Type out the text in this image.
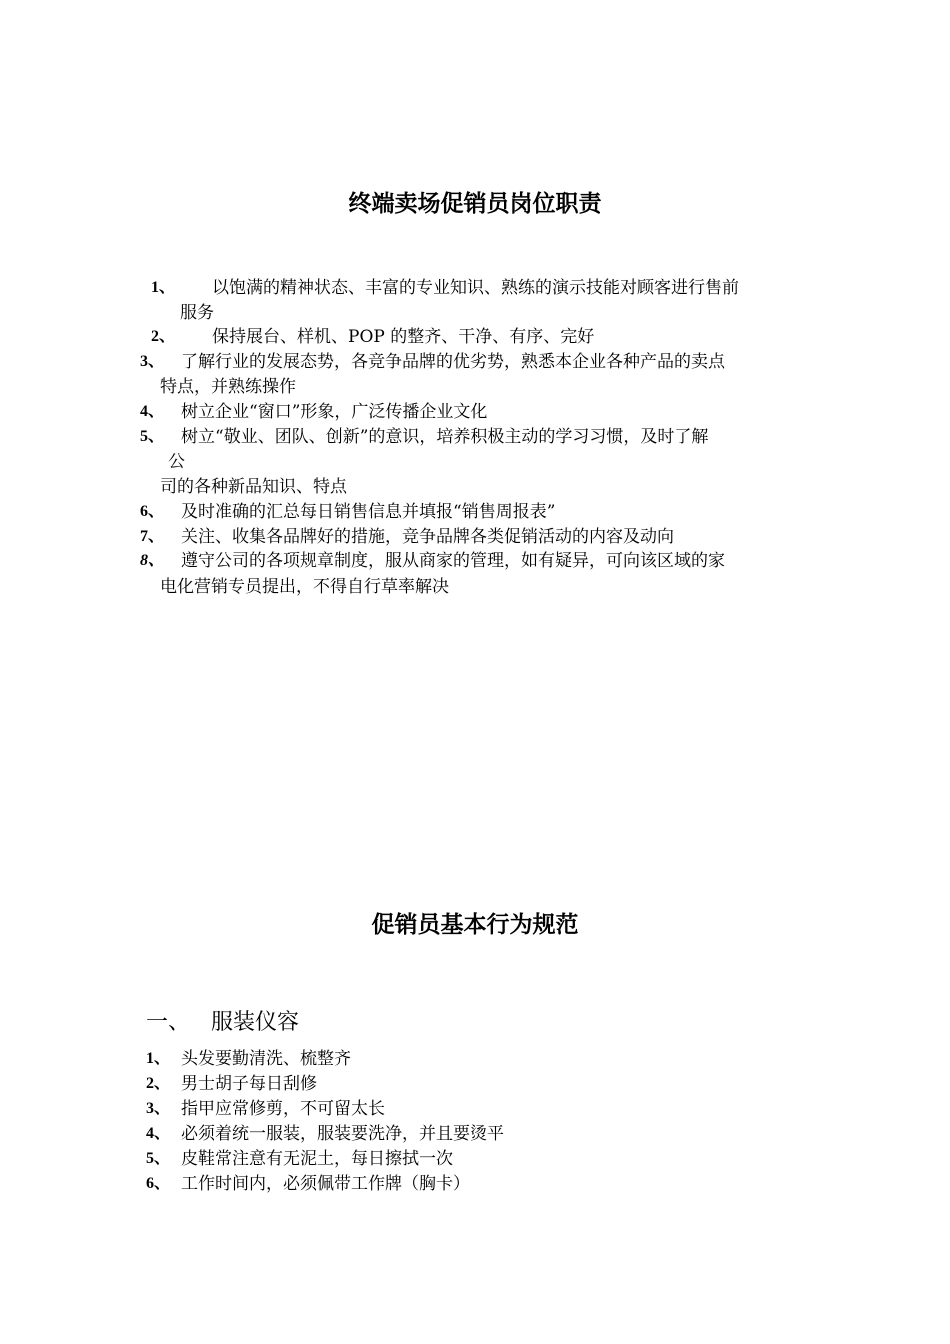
终端卖场促销员岗位职责
1、 以饱满的精神状态、丰富的专业知识、熟练的演示技能对顾客进行售前
服务
2、 保持展台、样机、POP 的整齐、干净、有序、完好
3、 了解行业的发展态势，各竞争品牌的优劣势，熟悉本企业各种产品的卖点
特点，并熟练操作
4、 树立企业“窗口”形象，广泛传播企业文化
5、 树立“敬业、团队、创新”的意识，培养积极主动的学习习惯，及时了解
公
司的各种新品知识、特点
6、 及时准确的汇总每日销售信息并填报“销售周报表”
7、 关注、收集各品牌好的措施，竞争品牌各类促销活动的内容及动向
8、 遵守公司的各项规章制度，服从商家的管理，如有疑异，可向该区域的家
电化营销专员提出，不得自行草率解决
促销员基本行为规范
一、 服装仪容
1、 头发要勤清洗、梳整齐
2、 男士胡子每日刮修
3、 指甲应常修剪，不可留太长
4、 必须着统一服装，服装要洗净，并且要烫平
5、 皮鞋常注意有无泥土，每日擦拭一次
6、 工作时间内，必须佩带工作牌（胸卡）
